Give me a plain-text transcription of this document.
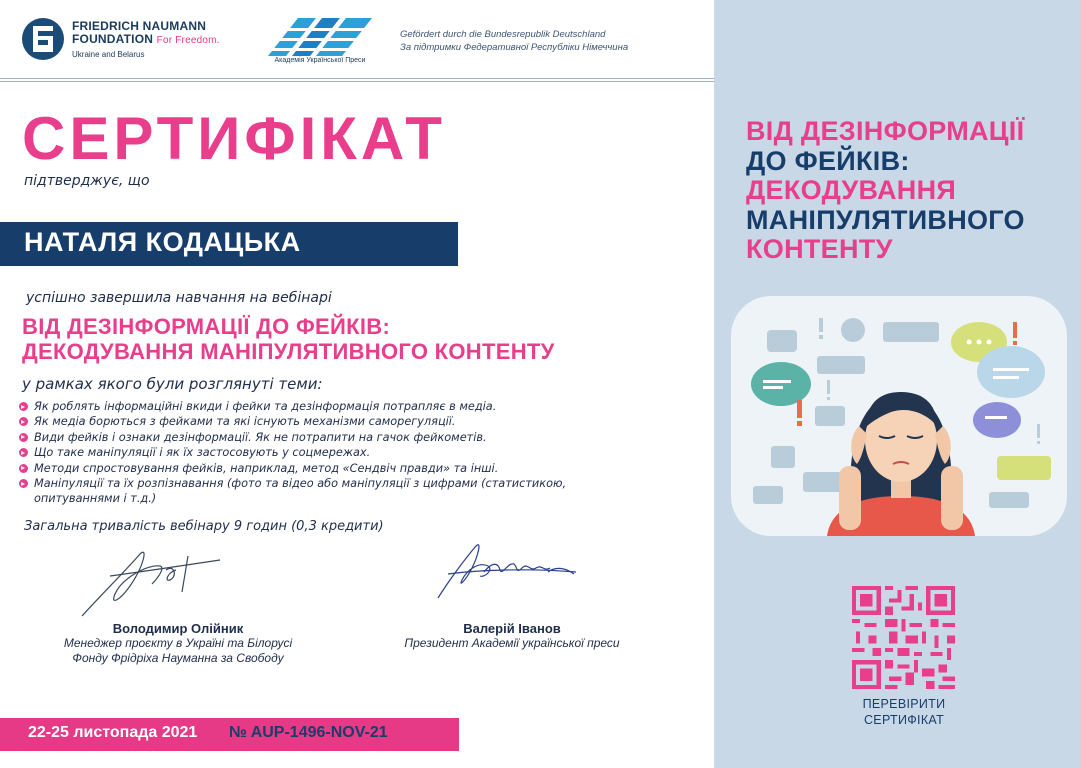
FRIEDRICH NAUMANN
FOUNDATION For Freedom.
Ukraine and Belarus
Академія Української Преси
Gefördert durch die Bundesrepublik Deutschland
За підтримки Федеративної Республіки Німеччина
СЕРТИФІКАТ
підтверджує, що
НАТАЛЯ КОДАЦЬКА
успішно завершила навчання на вебінарі
ВІД ДЕЗІНФОРМАЦІЇ ДО ФЕЙКІВ:
ДЕКОДУВАННЯ МАНІПУЛЯТИВНОГО КОНТЕНТУ
у рамках якого були розглянуті теми:
Як роблять інформаційні вкиди і фейки та дезінформація потрапляє в медіа.
Як медіа борються з фейками та які існують механізми саморегуляції.
Види фейків і ознаки дезінформації. Як не потрапити на гачок фейкометів.
Що таке маніпуляції і як їх застосовують у соцмережах.
Методи спростовування фейків, наприклад, метод «Сендвіч правди» та інші.
Маніпуляції та їх розпізнавання (фото та відео або маніпуляції з цифрами (статистикою, опитуваннями і т.д.)
Загальна тривалість вебінару 9 годин (0,3 кредити)
Володимир Олійник
Менеджер проєкту в Україні та Білорусі
Фонду Фрідріха Науманна за Свободу
Валерій Іванов
Президент Академії української преси
22-25 листопада 2021 № AUP-1496-NOV-21
ВІД ДЕЗІНФОРМАЦІЇ
ДО ФЕЙКІВ:
ДЕКОДУВАННЯ
МАНІПУЛЯТИВНОГО
КОНТЕНТУ
ПЕРЕВІРИТИ
СЕРТИФІКАТ
